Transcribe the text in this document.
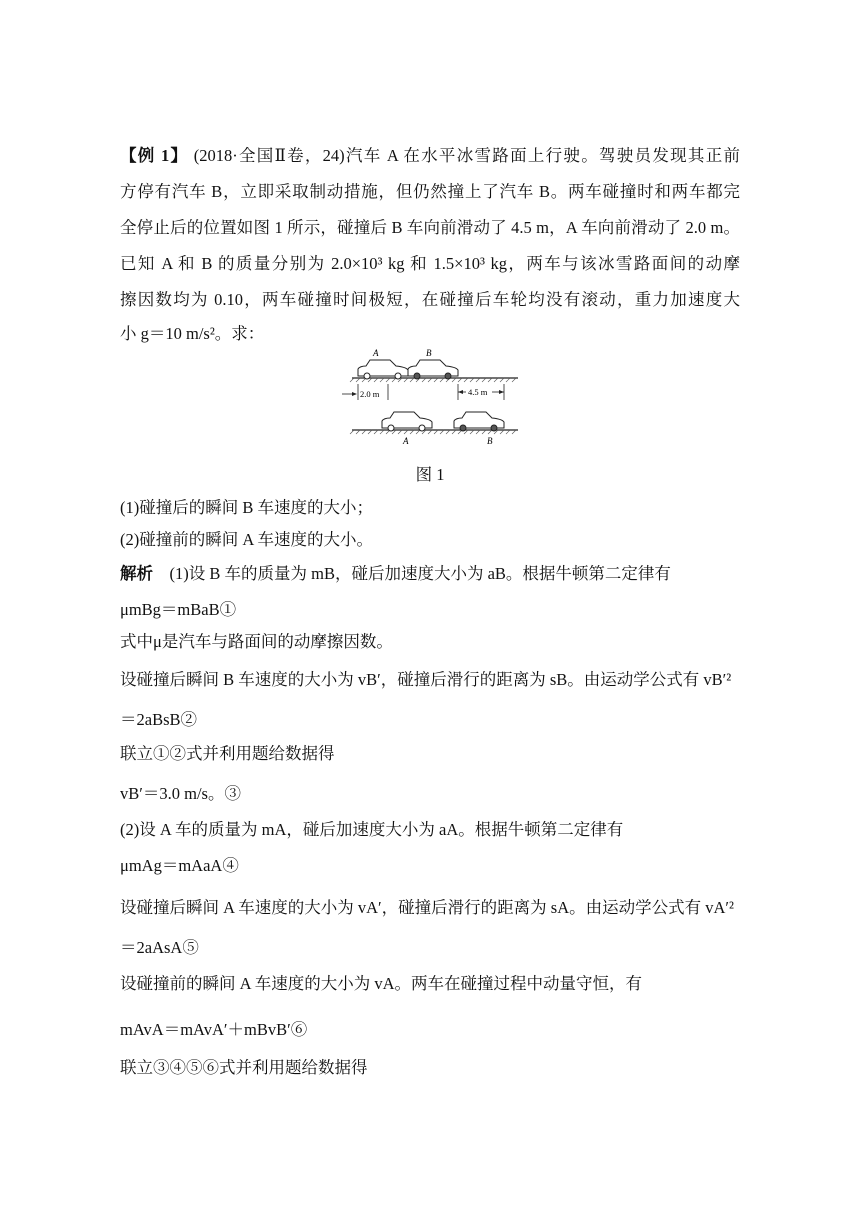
【例 1】 (2018·全国Ⅱ卷，24)汽车 A 在水平冰雪路面上行驶。驾驶员发现其正前
方停有汽车 B，立即采取制动措施，但仍然撞上了汽车 B。两车碰撞时和两车都完
全停止后的位置如图 1 所示，碰撞后 B 车向前滑动了 4.5 m，A 车向前滑动了 2.0 m。
已知 A 和 B 的质量分别为 2.0×10³ kg 和 1.5×10³ kg，两车与该冰雪路面间的动摩
擦因数均为 0.10，两车碰撞时间极短，在碰撞后车轮均没有滚动，重力加速度大
小 g＝10 m/s²。求：
A	B
2.0 m	4.5 m
A	B
图 1
(1)碰撞后的瞬间 B 车速度的大小；
(2)碰撞前的瞬间 A 车速度的大小。
解析　 (1)设 B 车的质量为 mB，碰后加速度大小为 aB。根据牛顿第二定律有
μmBg＝mBaB①
式中μ是汽车与路面间的动摩擦因数。
设碰撞后瞬间 B 车速度的大小为 vB′，碰撞后滑行的距离为 sB。由运动学公式有 vB′²
＝2aBsB②
联立①②式并利用题给数据得
vB′＝3.0 m/s。③
(2)设 A 车的质量为 mA，碰后加速度大小为 aA。根据牛顿第二定律有
μmAg＝mAaA④
设碰撞后瞬间 A 车速度的大小为 vA′，碰撞后滑行的距离为 sA。由运动学公式有 vA′²
＝2aAsA⑤
设碰撞前的瞬间 A 车速度的大小为 vA。两车在碰撞过程中动量守恒，有
mAvA＝mAvA′＋mBvB′⑥
联立③④⑤⑥式并利用题给数据得
